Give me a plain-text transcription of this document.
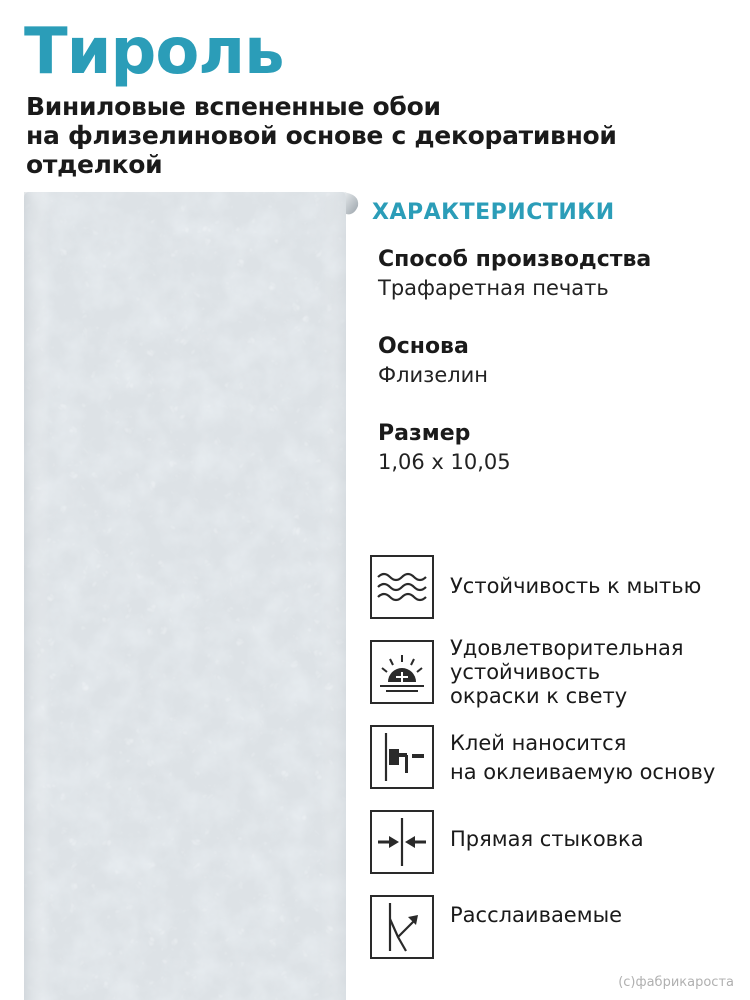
Тироль
Виниловые вспененные обои
на флизелиновой основе с декоративной
отделкой
ХАРАКТЕРИСТИКИ
Способ производства
Трафаретная печать
Основа
Флизелин
Размер
1,06 x 10,05
Устойчивость к мытью
Удовлетворительная
устойчивость
окраски к свету
Клей наносится
на оклеиваемую основу
Прямая стыковка
Расслаиваемые
(c)фабрикароста
